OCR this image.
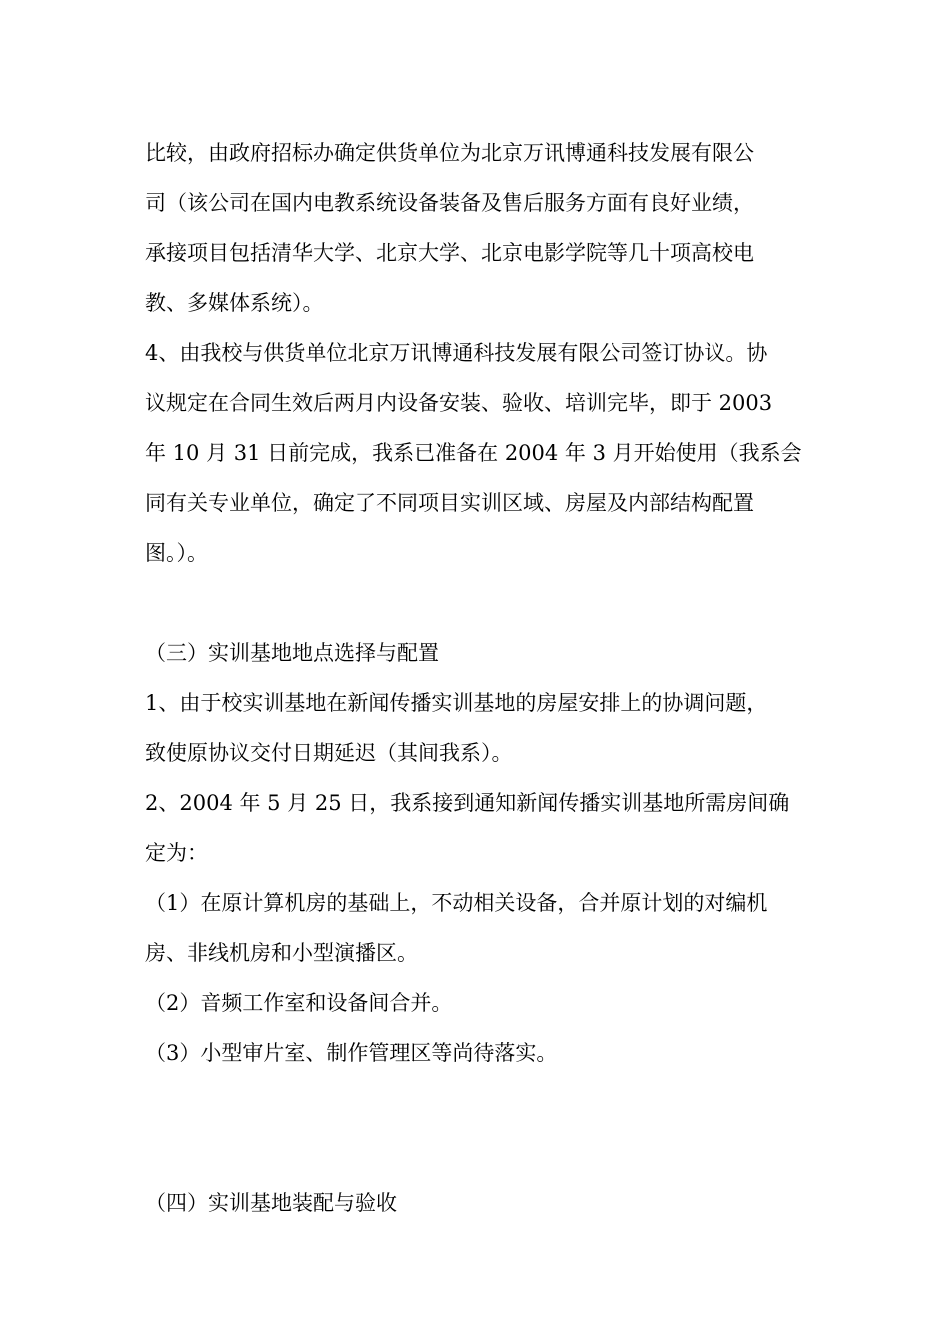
比较，由政府招标办确定供货单位为北京万讯博通科技发展有限公
司（该公司在国内电教系统设备装备及售后服务方面有良好业绩，
承接项目包括清华大学、北京大学、北京电影学院等几十项高校电
教、多媒体系统）。
4、由我校与供货单位北京万讯博通科技发展有限公司签订协议。协
议规定在合同生效后两月内设备安装、验收、培训完毕，即于 2003
年 10 月 31 日前完成，我系已准备在 2004 年 3 月开始使用（我系会
同有关专业单位，确定了不同项目实训区域、房屋及内部结构配置
图。）。
（三）实训基地地点选择与配置
1、由于校实训基地在新闻传播实训基地的房屋安排上的协调问题，
致使原协议交付日期延迟（其间我系）。
2、2004 年 5 月 25 日，我系接到通知新闻传播实训基地所需房间确
定为：
（1）在原计算机房的基础上，不动相关设备，合并原计划的对编机
房、非线机房和小型演播区。
（2）音频工作室和设备间合并。
（3）小型审片室、制作管理区等尚待落实。
（四）实训基地装配与验收
